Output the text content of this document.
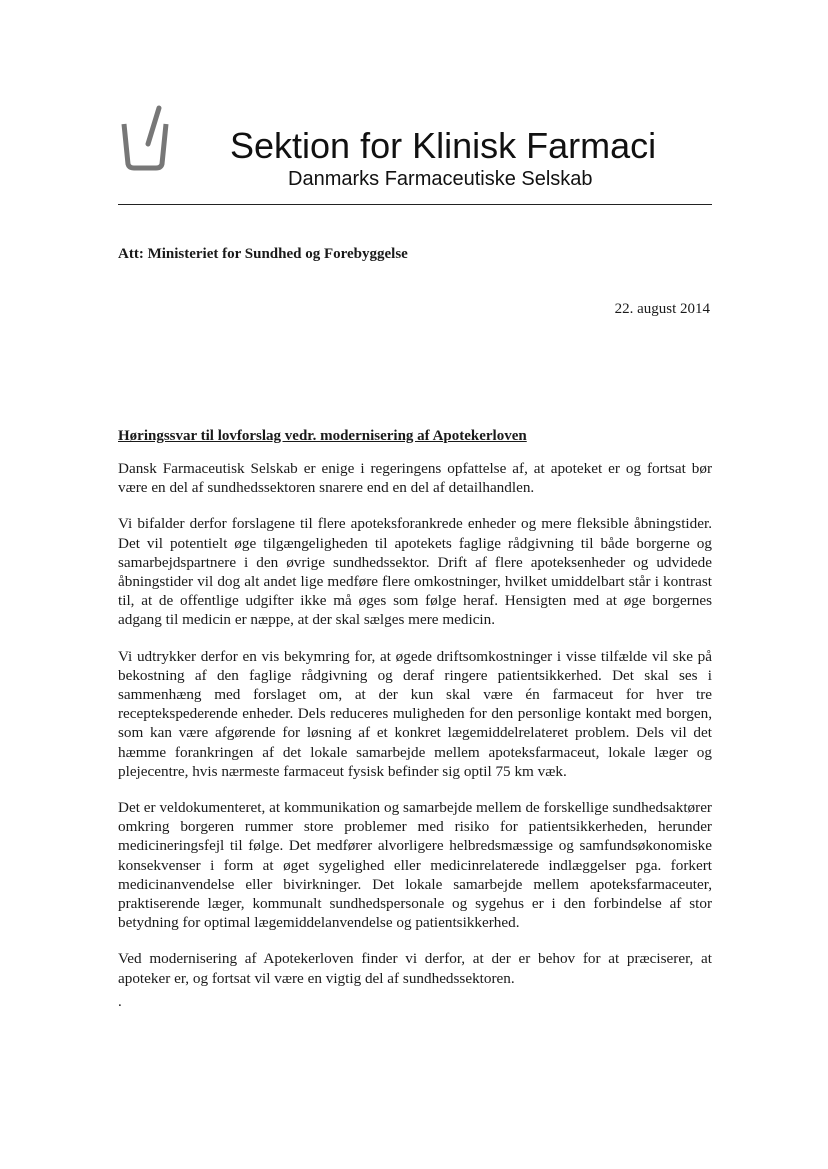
Sektion for Klinisk Farmaci
Danmarks Farmaceutiske Selskab
Att: Ministeriet for Sundhed og Forebyggelse
22. august 2014
Høringssvar til lovforslag vedr. modernisering af Apotekerloven

Dansk Farmaceutisk Selskab er enige i regeringens opfattelse af, at apoteket er og fortsat bør være en del af sundhedssektoren snarere end en del af detailhandlen.

Vi bifalder derfor forslagene til flere apoteksforankrede enheder og mere fleksible åbningstider. Det vil potentielt øge tilgængeligheden til apotekets faglige rådgivning til både borgerne og samarbejdspartnere i den øvrige sundhedssektor. Drift af flere apoteksenheder og udvidede åbningstider vil dog alt andet lige medføre flere omkostninger, hvilket umiddelbart står i kontrast til, at de offentlige udgifter ikke må øges som følge heraf. Hensigten med at øge borgernes adgang til medicin er næppe, at der skal sælges mere medicin.

Vi udtrykker derfor en vis bekymring for, at øgede driftsomkostninger i visse tilfælde vil ske på bekostning af den faglige rådgivning og deraf ringere patientsikkerhed. Det skal ses i sammenhæng med forslaget om, at der kun skal være én farmaceut for hver tre receptekspederende enheder. Dels reduceres muligheden for den personlige kontakt med borgen, som kan være afgørende for løsning af et konkret lægemiddelrelateret problem. Dels vil det hæmme forankringen af det lokale samarbejde mellem apoteksfarmaceut, lokale læger og plejecentre, hvis nærmeste farmaceut fysisk befinder sig optil 75 km væk.

Det er veldokumenteret, at kommunikation og samarbejde mellem de forskellige sundhedsaktører omkring borgeren rummer store problemer med risiko for patientsikkerheden, herunder medicineringsfejl til følge. Det medfører alvorligere helbredsmæssige og samfundsøkonomiske konsekvenser i form at øget sygelighed eller medicinrelaterede indlæggelser pga. forkert medicinanvendelse eller bivirkninger. Det lokale samarbejde mellem apoteksfarmaceuter, praktiserende læger, kommunalt sundhedspersonale og sygehus er i den forbindelse af stor betydning for optimal lægemiddelanvendelse og patientsikkerhed.

Ved modernisering af Apotekerloven finder vi derfor, at der er behov for at præciserer, at apoteker er, og fortsat vil være en vigtig del af sundhedssektoren.

.
